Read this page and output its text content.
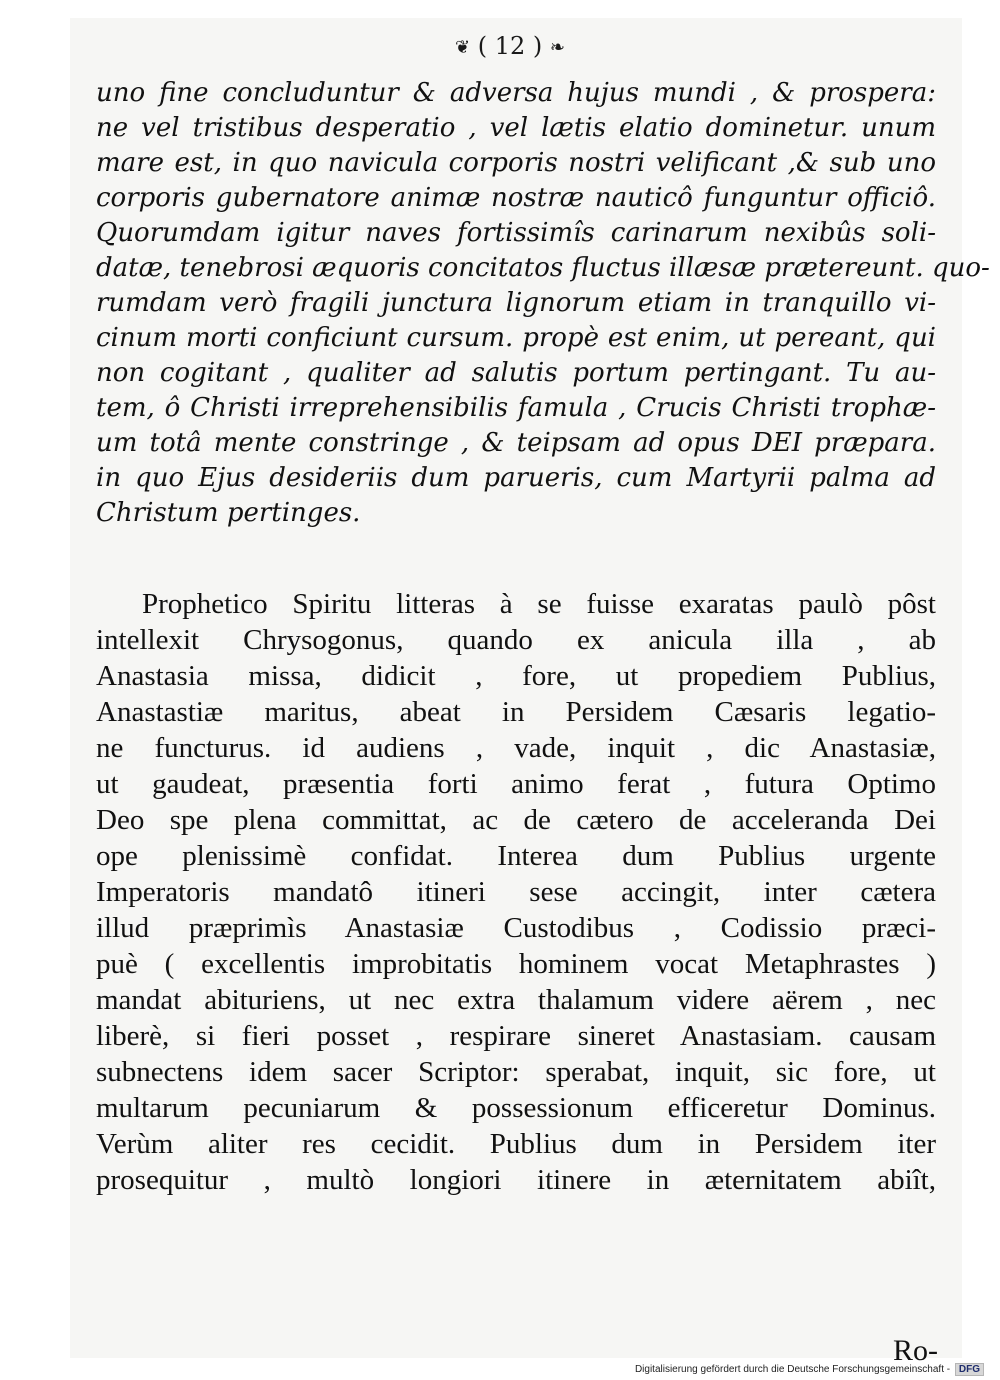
❦ ( 12 ) ❧
uno fine concluduntur & adversa hujus mundi , & prospera:
ne vel tristibus desperatio , vel lætis elatio dominetur. unum
mare est, in quo navicula corporis nostri velificant ,& sub uno
corporis gubernatore animæ nostræ nauticô funguntur officiô.
Quorumdam igitur naves fortissimîs carinarum nexibûs soli-
datæ, tenebrosi æquoris concitatos fluctus illæsæ prætereunt. quo-
rumdam verò fragili junctura lignorum etiam in tranquillo vi-
cinum morti conficiunt cursum. propè est enim, ut pereant, qui
non cogitant , qualiter ad salutis portum pertingant. Tu au-
tem, ô Christi irreprehensibilis famula , Crucis Christi trophæ-
um totâ mente constringe , & teipsam ad opus DEI præpara.
in quo Ejus desideriis dum parueris, cum Martyrii palma ad
Christum pertinges.
Prophetico Spiritu litteras à se fuisse exaratas paulò pôst
intellexit Chrysogonus, quando ex anicula illa , ab
Anastasia missa, didicit , fore, ut propediem Publius,
Anastastiæ maritus, abeat in Persidem Cæsaris legatio-
ne functurus. id audiens , vade, inquit , dic Anastasiæ,
ut gaudeat, præsentia forti animo ferat , futura Optimo
Deo spe plena committat, ac de cætero de acceleranda Dei
ope plenissimè confidat. Interea dum Publius urgente
Imperatoris mandatô itineri sese accingit, inter cætera
illud præprimìs Anastasiæ Custodibus , Codissio præci-
puè ( excellentis improbitatis hominem vocat Metaphrastes )
mandat abituriens, ut nec extra thalamum videre aërem , nec
liberè, si fieri posset , respirare sineret Anastasiam. causam
subnectens idem sacer Scriptor: sperabat, inquit, sic fore, ut
multarum pecuniarum & possessionum efficeretur Dominus.
Verùm aliter res cecidit. Publius dum in Persidem iter
prosequitur , multò longiori itinere in æternitatem abiît,
Ro-
Digitalisierung gefördert durch die Deutsche Forschungsgemeinschaft - DFG
